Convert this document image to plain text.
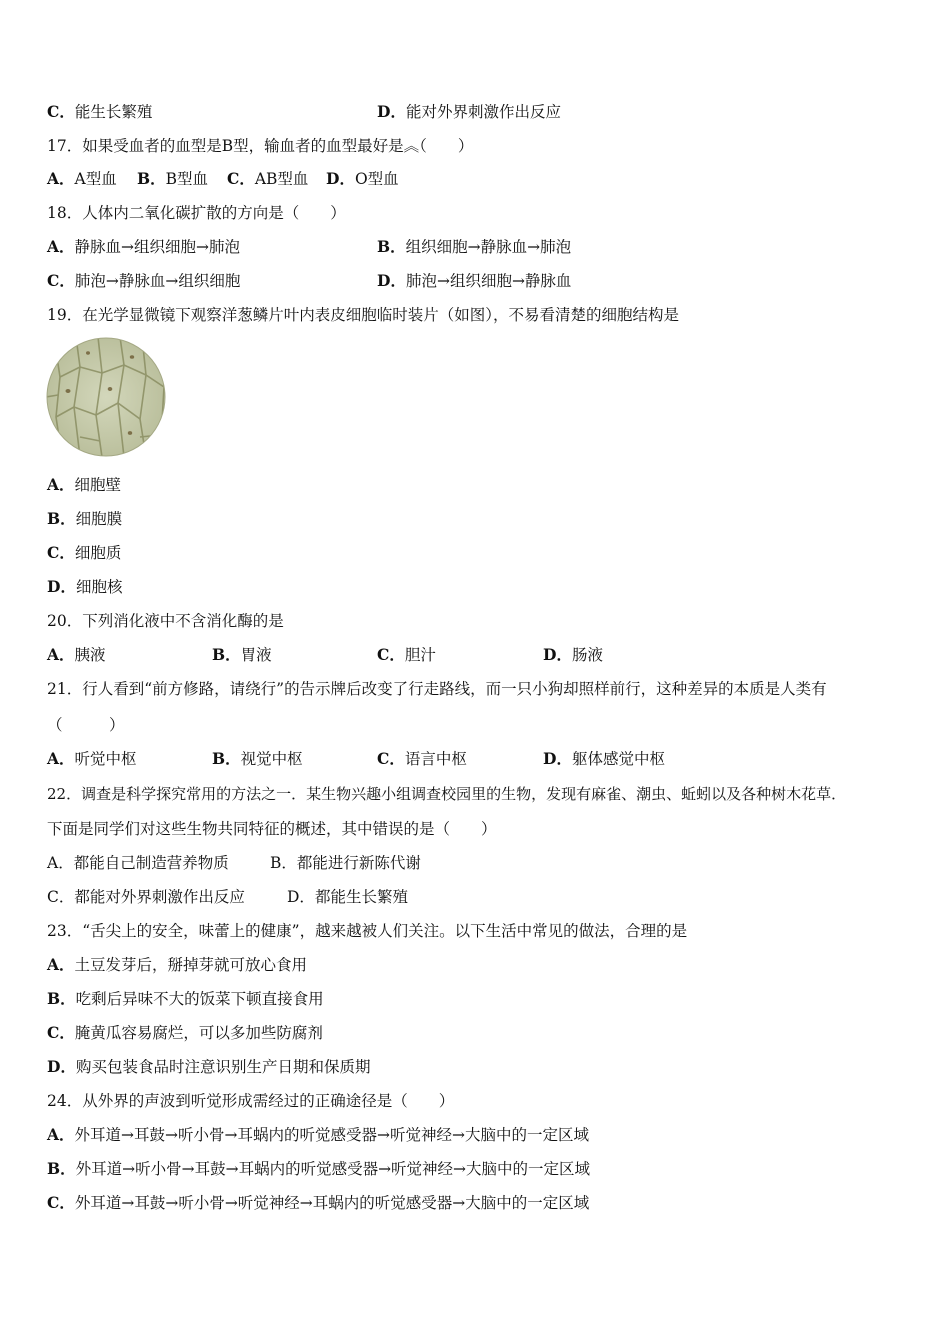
C．能生长繁殖	D．能对外界刺激作出反应
17．如果受血者的血型是B型，输血者的血型最好是︽（　　）
A．A型血 B．B型血 C．AB型血 D．O型血
18．人体内二氧化碳扩散的方向是（　　）
A．静脉血→组织细胞→肺泡	B．组织细胞→静脉血→肺泡
C．肺泡→静脉血→组织细胞	D．肺泡→组织细胞→静脉血
19．在光学显微镜下观察洋葱鳞片叶内表皮细胞临时装片（如图），不易看清楚的细胞结构是
A．细胞壁
B．细胞膜
C．细胞质
D．细胞核
20．下列消化液中不含消化酶的是
A．胰液	B．胃液	C．胆汁	D．肠液
21．行人看到“前方修路，请绕行”的告示牌后改变了行走路线，而一只小狗却照样前行，这种差异的本质是人类有
（　　　）
A．听觉中枢	B．视觉中枢	C．语言中枢	D．躯体感觉中枢
22．调查是科学探究常用的方法之一．某生物兴趣小组调查校园里的生物，发现有麻雀、潮虫、蚯蚓以及各种树木花草．
下面是同学们对这些生物共同特征的概述，其中错误的是（　　）
A．都能自己制造营养物质	B．都能进行新陈代谢
C．都能对外界刺激作出反应	D．都能生长繁殖
23．“舌尖上的安全，味蕾上的健康”，越来越被人们关注。以下生活中常见的做法，合理的是
A．土豆发芽后，掰掉芽就可放心食用
B．吃剩后异味不大的饭菜下顿直接食用
C．腌黄瓜容易腐烂，可以多加些防腐剂
D．购买包装食品时注意识别生产日期和保质期
24．从外界的声波到听觉形成需经过的正确途径是（　　）
A．外耳道→耳鼓→听小骨→耳蜗内的听觉感受器→听觉神经→大脑中的一定区域
B．外耳道→听小骨→耳鼓→耳蜗内的听觉感受器→听觉神经→大脑中的一定区域
C．外耳道→耳鼓→听小骨→听觉神经→耳蜗内的听觉感受器→大脑中的一定区域
